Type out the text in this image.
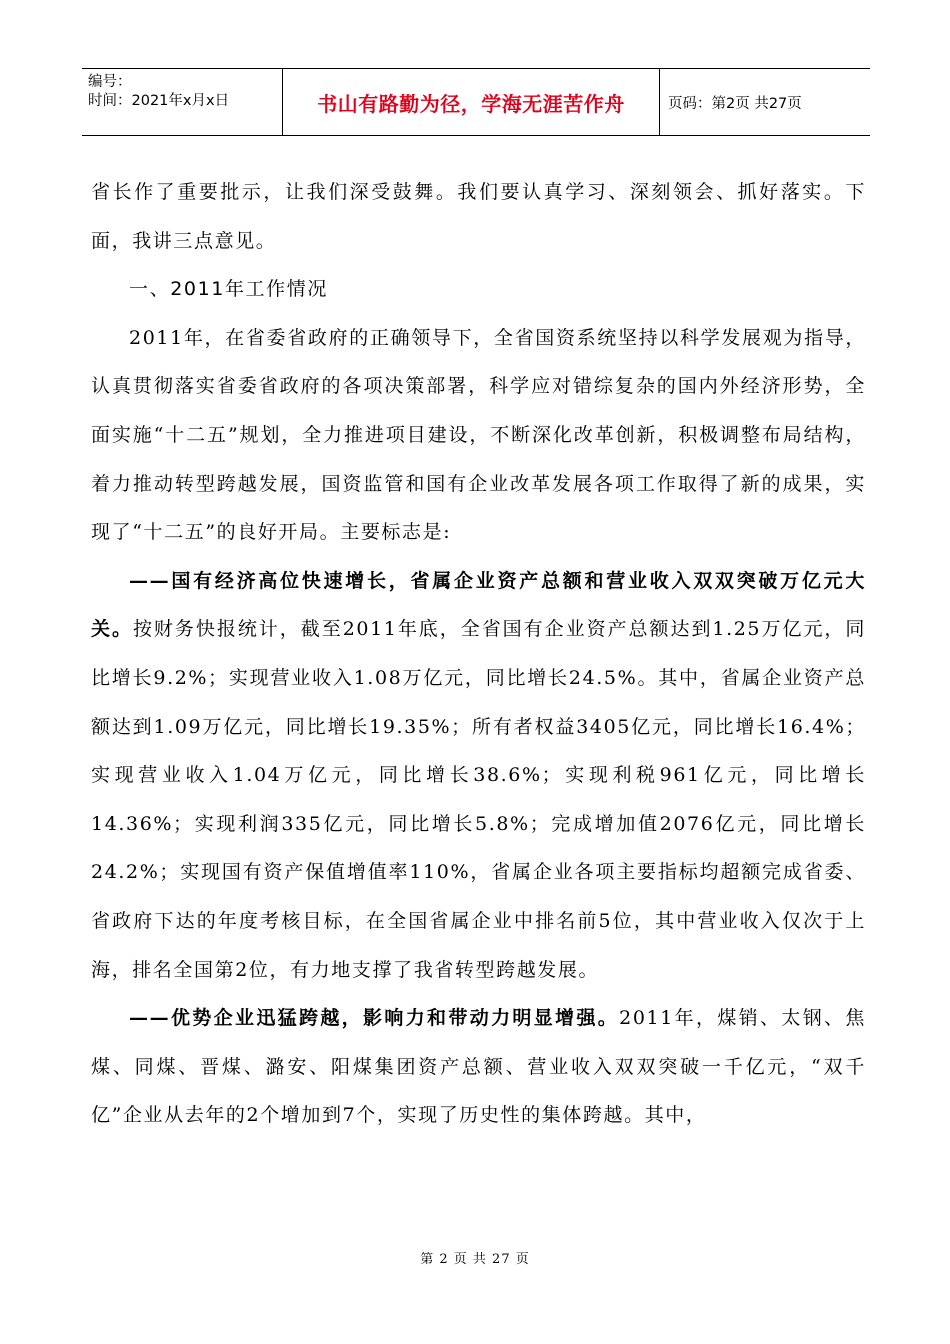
编号：
时间：2021年x月x日	书山有路勤为径，学海无涯苦作舟	页码：第2页 共27页

省长作了重要批示，让我们深受鼓舞。我们要认真学习、深刻领会、抓好落实。下面，我讲三点意见。

一、2011年工作情况

2011年，在省委省政府的正确领导下，全省国资系统坚持以科学发展观为指导，认真贯彻落实省委省政府的各项决策部署，科学应对错综复杂的国内外经济形势，全面实施“十二五”规划，全力推进项目建设，不断深化改革创新，积极调整布局结构，着力推动转型跨越发展，国资监管和国有企业改革发展各项工作取得了新的成果，实现了“十二五”的良好开局。主要标志是:

——国有经济高位快速增长，省属企业资产总额和营业收入双双突破万亿元大关。按财务快报统计，截至2011年底，全省国有企业资产总额达到1.25万亿元，同比增长9.2%；实现营业收入1.08万亿元，同比增长24.5%。其中，省属企业资产总额达到1.09万亿元，同比增长19.35%；所有者权益3405亿元，同比增长16.4%；实现营业收入1.04万亿元，同比增长38.6%；实现利税961亿元，同比增长14.36%；实现利润335亿元，同比增长5.8%；完成增加值2076亿元，同比增长24.2%；实现国有资产保值增值率110%，省属企业各项主要指标均超额完成省委、省政府下达的年度考核目标，在全国省属企业中排名前5位，其中营业收入仅次于上海，排名全国第2位，有力地支撑了我省转型跨越发展。

——优势企业迅猛跨越，影响力和带动力明显增强。2011年，煤销、太钢、焦煤、同煤、晋煤、潞安、阳煤集团资产总额、营业收入双双突破一千亿元，“双千亿”企业从去年的2个增加到7个，实现了历史性的集体跨越。其中，

第 2 页 共 27 页
